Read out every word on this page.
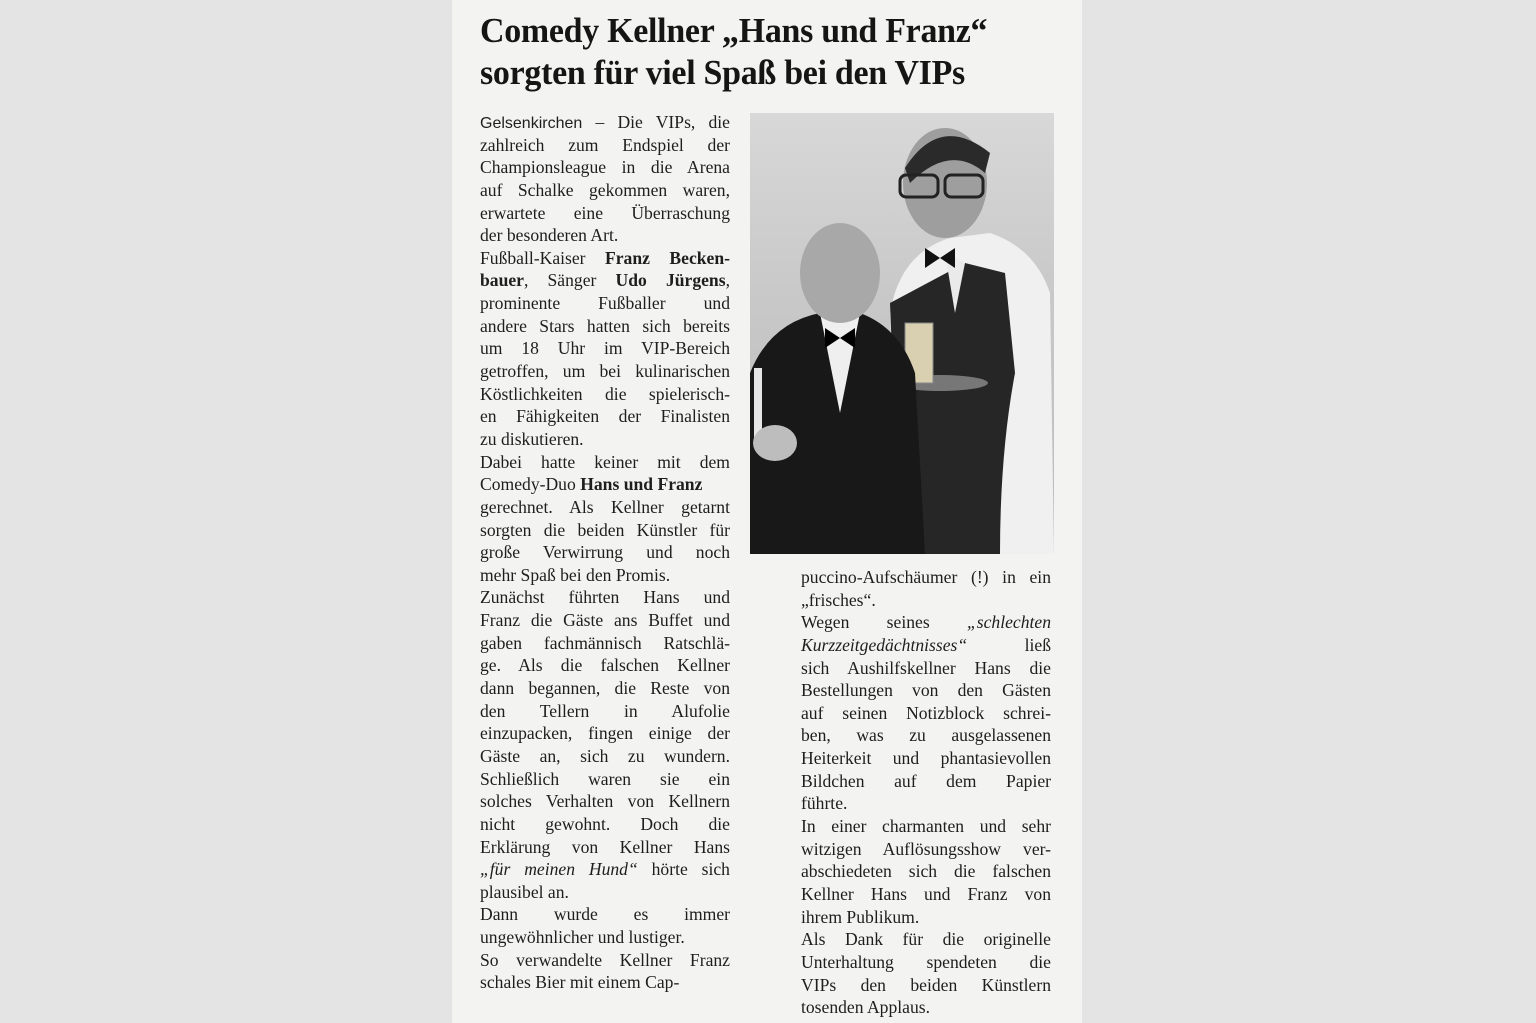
Comedy Kellner „Hans und Franz“
sorgten für viel Spaß bei den VIPs
Gelsenkirchen – Die VIPs, die
zahlreich zum Endspiel der
Championsleague in die Arena
auf Schalke gekommen waren,
erwartete eine Überraschung
der besonderen Art.
Fußball-Kaiser Franz Becken-
bauer, Sänger Udo Jürgens,
prominente Fußballer und
andere Stars hatten sich bereits
um 18 Uhr im VIP-Bereich
getroffen, um bei kulinarischen
Köstlichkeiten die spielerisch-
en Fähigkeiten der Finalisten
zu diskutieren.
Dabei hatte keiner mit dem
Comedy-Duo Hans und Franz
gerechnet. Als Kellner getarnt
sorgten die beiden Künstler für
große Verwirrung und noch
mehr Spaß bei den Promis.
Zunächst führten Hans und
Franz die Gäste ans Buffet und
gaben fachmännisch Ratschlä-
ge. Als die falschen Kellner
dann begannen, die Reste von
den Tellern in Alufolie
einzupacken, fingen einige der
Gäste an, sich zu wundern.
Schließlich waren sie ein
solches Verhalten von Kellnern
nicht gewohnt. Doch die
Erklärung von Kellner Hans
„für meinen Hund“ hörte sich
plausibel an.
Dann wurde es immer
ungewöhnlicher und lustiger.
So verwandelte Kellner Franz
schales Bier mit einem Cap-
puccino-Aufschäumer (!) in ein
„frisches“.
Wegen seines „schlechten
Kurzzeitgedächtnisses“ ließ
sich Aushilfskellner Hans die
Bestellungen von den Gästen
auf seinen Notizblock schrei-
ben, was zu ausgelassenen
Heiterkeit und phantasievollen
Bildchen auf dem Papier
führte.
In einer charmanten und sehr
witzigen Auflösungsshow ver-
abschiedeten sich die falschen
Kellner Hans und Franz von
ihrem Publikum.
Als Dank für die originelle
Unterhaltung spendeten die
VIPs den beiden Künstlern
tosenden Applaus.
